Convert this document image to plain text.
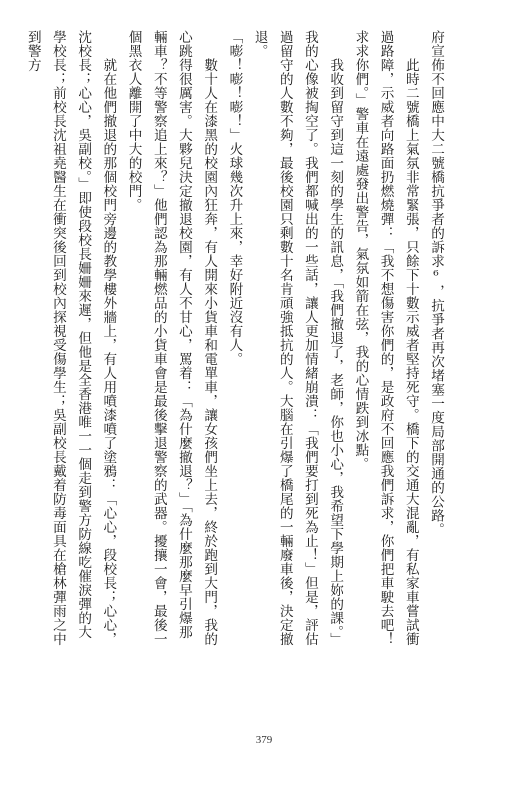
府宣佈不回應中大二號橋抗爭者的訴求⁶，抗爭者再次堵塞一度局部開通的公路。

　　此時二號橋上氣氛非常緊張，只餘下十數示威者堅持死守。橋下的交通大混亂，有私家車嘗試衝過路障，示威者向路面扔燃燒彈：「我不想傷害你們的，是政府不回應我們訴求，你們把車駛去吧！求求你們。」警車在遠處發出警告，氣氛如箭在弦，我的心情跌到冰點。

　　我收到留守到這一刻的學生的訊息，「我們撤退了，老師，你也小心，我希望下學期上妳的課。」我的心像被掏空了。我們都喊出的一些話，讓人更加情緒崩潰：「我們要打到死為止！」但是，評估過留守的人數不夠，最後校園只剩數十名肯頑強抵抗的人。大腦在引爆了橋尾的一輛廢車後，決定撤退。

「嘭！嘭！嘭！」火球幾次升上來，幸好附近沒有人。

　　數十人在漆黑的校園內狂奔，有人開來小貨車和電單車，讓女孩們坐上去，終於跑到大門，我的心跳得很厲害。大夥兒決定撤退校園，有人不甘心，罵着：「為什麼撤退？」「為什麼那麼早引爆那輛車？不等警察追上來？」他們認為那輛燃品的小貨車會是最後擊退警察的武器。擾攘一會，最後一個黑衣人離開了中大的校門。

　　就在他們撤退的那個校門旁邊的教學樓外牆上，有人用噴漆噴了塗鴉：「心心，段校長；心心，沈校長；心心，吳副校。」即使段校長姍姍來遲，但他是全香港唯一一個走到警方防線吃催淚彈的大學校長；前校長沈祖堯醫生在衝突後回到校內探視受傷學生；吳副校長戴着防毒面具在槍林彈雨之中到警方

379
